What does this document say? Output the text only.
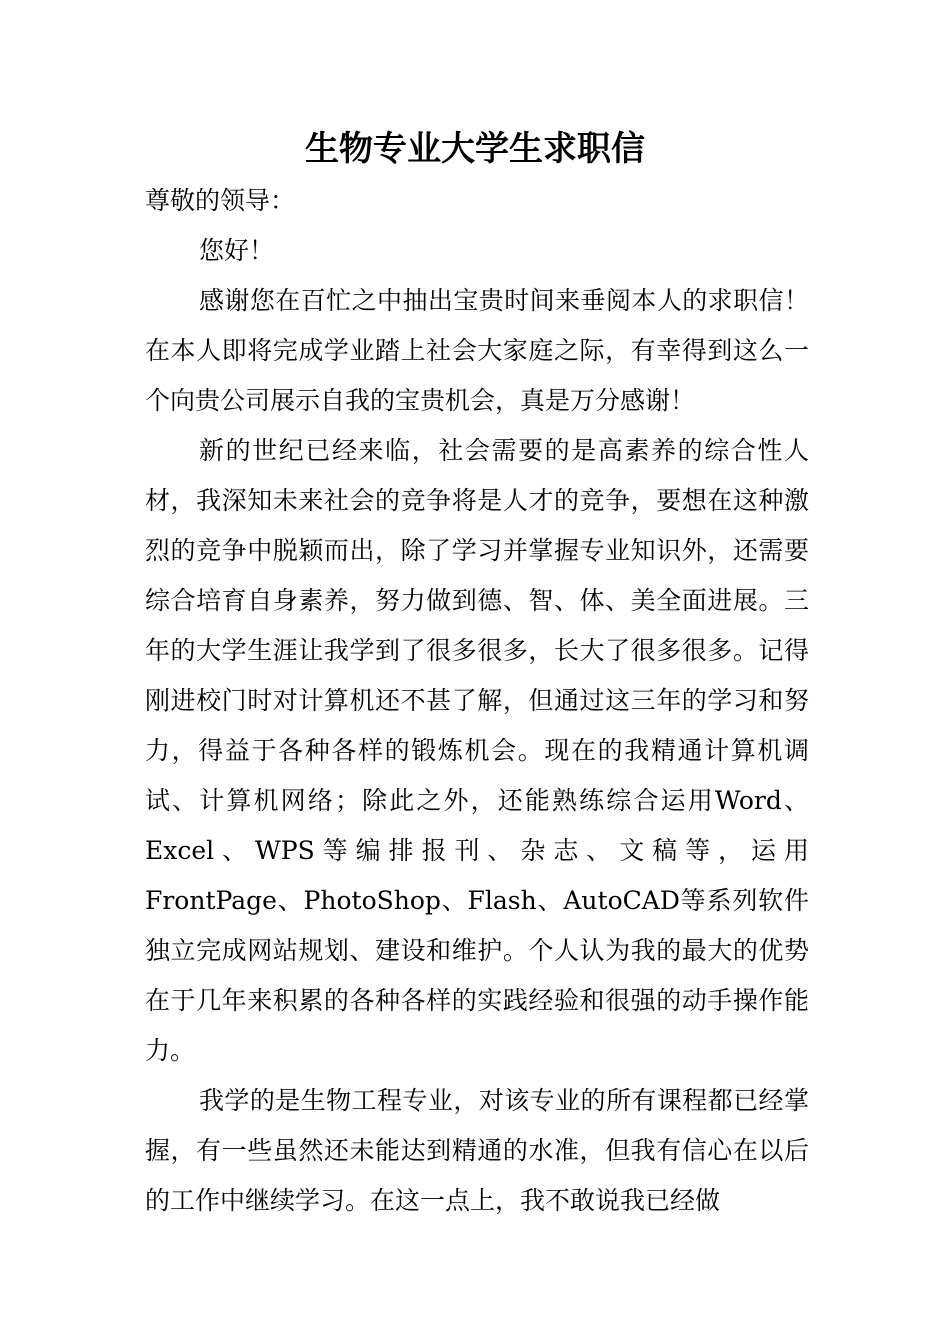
生物专业大学生求职信

尊敬的领导：

您好！

感谢您在百忙之中抽出宝贵时间来垂阅本人的求职信！在本人即将完成学业踏上社会大家庭之际，有幸得到这么一个向贵公司展示自我的宝贵机会，真是万分感谢！

新的世纪已经来临，社会需要的是高素养的综合性人材，我深知未来社会的竞争将是人才的竞争，要想在这种激烈的竞争中脱颖而出，除了学习并掌握专业知识外，还需要综合培育自身素养，努力做到德、智、体、美全面进展。三年的大学生涯让我学到了很多很多，长大了很多很多。记得刚进校门时对计算机还不甚了解，但通过这三年的学习和努力，得益于各种各样的锻炼机会。现在的我精通计算机调试、计算机网络；除此之外，还能熟练综合运用Word、Excel、WPS等编排报刊、杂志、文稿等，运用FrontPage、PhotoShop、Flash、AutoCAD等系列软件独立完成网站规划、建设和维护。个人认为我的最大的优势在于几年来积累的各种各样的实践经验和很强的动手操作能力。

我学的是生物工程专业，对该专业的所有课程都已经掌握，有一些虽然还未能达到精通的水准，但我有信心在以后的工作中继续学习。在这一点上，我不敢说我已经做
